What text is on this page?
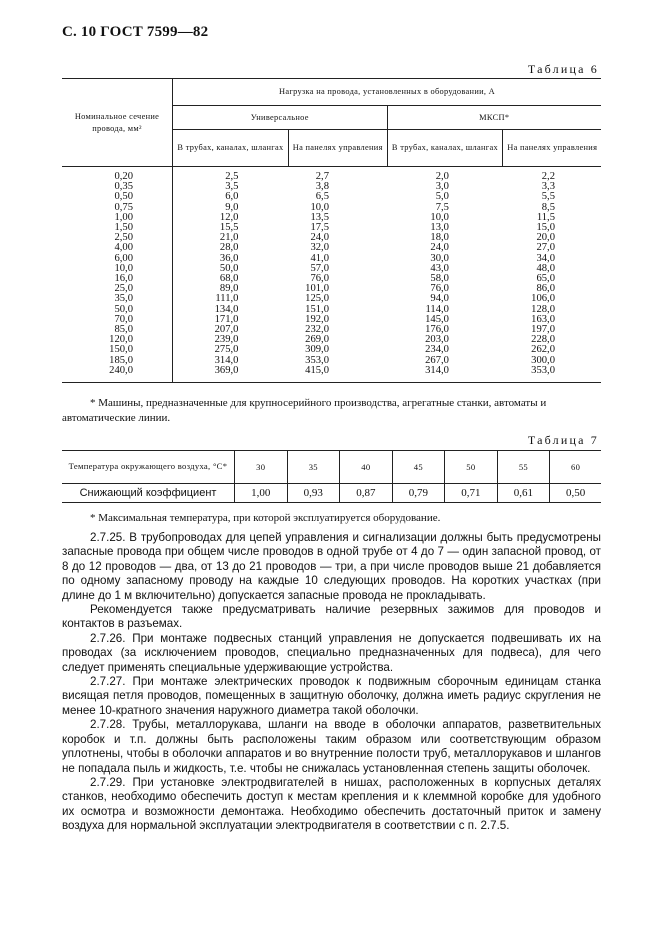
С. 10 ГОСТ 7599—82
Таблица 6
Номинальное сечение провода, мм²	Нагрузка на провода, установленных в оборудовании, А			
	Универсальное		МКСП*	
	В трубах, каналах, шлангах	На панелях управления	В трубах, каналах, шлангах	На панелях управления
0,20	2,5	2,7	2,0	2,2
0,35	3,5	3,8	3,0	3,3
0,50	6,0	6,5	5,0	5,5
0,75	9,0	10,0	7,5	8,5
1,00	12,0	13,5	10,0	11,5
1,50	15,5	17,5	13,0	15,0
2,50	21,0	24,0	18,0	20,0
4,00	28,0	32,0	24,0	27,0
6,00	36,0	41,0	30,0	34,0
10,0	50,0	57,0	43,0	48,0
16,0	68,0	76,0	58,0	65,0
25,0	89,0	101,0	76,0	86,0
35,0	111,0	125,0	94,0	106,0
50,0	134,0	151,0	114,0	128,0
70,0	171,0	192,0	145,0	163,0
85,0	207,0	232,0	176,0	197,0
120,0	239,0	269,0	203,0	228,0
150,0	275,0	309,0	234,0	262,0
185,0	314,0	353,0	267,0	300,0
240,0	369,0	415,0	314,0	353,0

* Машины, предназначенные для крупносерийного производства, агрегатные станки, автоматы и автоматические линии.

Таблица 7
Температура окружающего воздуха, °С*	30	35	40	45	50	55	60
Снижающий коэффициент	1,00	0,93	0,87	0,79	0,71	0,61	0,50

* Максимальная температура, при которой эксплуатируется оборудование.

2.7.25. В трубопроводах для цепей управления и сигнализации должны быть предусмотрены запасные провода при общем числе проводов в одной трубе от 4 до 7 — один запасной провод, от 8 до 12 проводов — два, от 13 до 21 проводов — три, а при числе проводов выше 21 добавляется по одному запасному проводу на каждые 10 следующих проводов. На коротких участках (при длине до 1 м включительно) допускается запасные провода не прокладывать.

Рекомендуется также предусматривать наличие резервных зажимов для проводов и контактов в разъемах.

2.7.26. При монтаже подвесных станций управления не допускается подвешивать их на проводах (за исключением проводов, специально предназначенных для подвеса), для чего следует применять специальные удерживающие устройства.

2.7.27. При монтаже электрических проводок к подвижным сборочным единицам станка висящая петля проводов, помещенных в защитную оболочку, должна иметь радиус скругления не менее 10-кратного значения наружного диаметра такой оболочки.

2.7.28. Трубы, металлорукава, шланги на вводе в оболочки аппаратов, разветвительных коробок и т.п. должны быть расположены таким образом или соответствующим образом уплотнены, чтобы в оболочки аппаратов и во внутренние полости труб, металлорукавов и шлангов не попадала пыль и жидкость, т.е. чтобы не снижалась установленная степень защиты оболочек.

2.7.29. При установке электродвигателей в нишах, расположенных в корпусных деталях станков, необходимо обеспечить доступ к местам крепления и к клеммной коробке для удобного их осмотра и возможности демонтажа. Необходимо обеспечить достаточный приток и замену воздуха для нормальной эксплуатации электродвигателя в соответствии с п. 2.7.5.
